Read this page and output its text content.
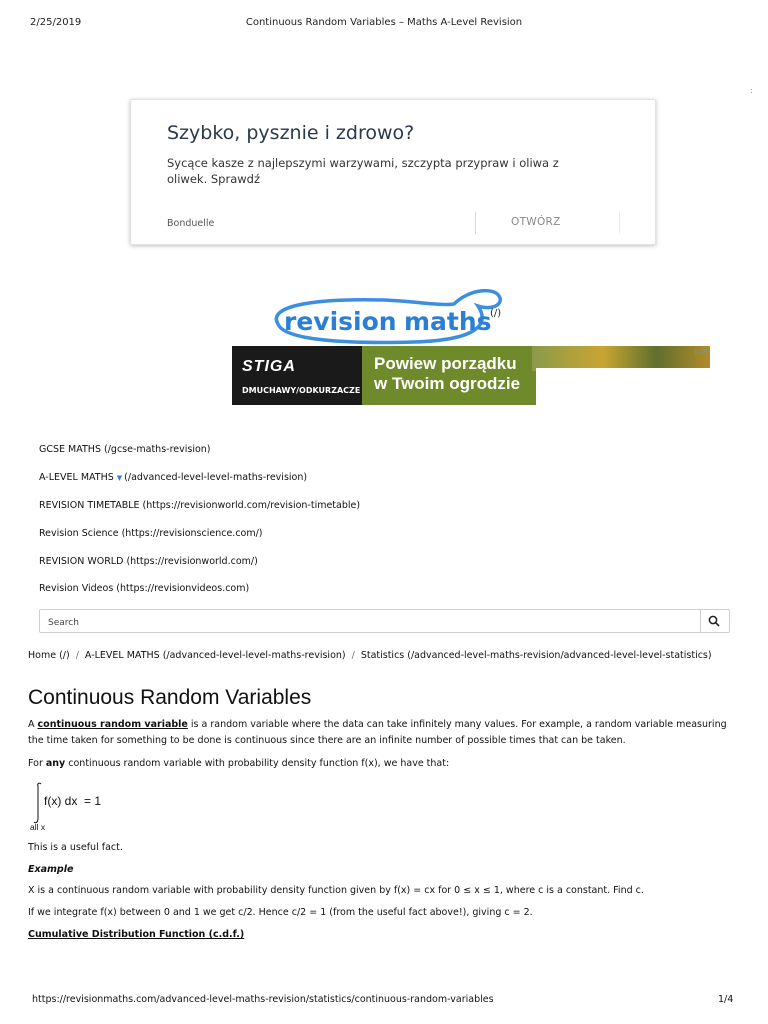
2/25/2019	Continuous Random Variables – Maths A-Level Revision
:
Szybko, pysznie i zdrowo?
Sycące kasze z najlepszymi warzywami, szczypta przypraw i oliwa z oliwek. Sprawdź
Bonduelle	OTWÓRZ
revision maths
(/)
STIGA
DMUCHAWY/ODKURZACZE
Powiew porządku
w Twoim ogrodzie
▷✕
GCSE MATHS (/gcse-maths-revision)
A-LEVEL MATHS ▼ (/advanced-level-level-maths-revision)
REVISION TIMETABLE (https://revisionworld.com/revision-timetable)
Revision Science (https://revisionscience.com/)
REVISION WORLD (https://revisionworld.com/)
Revision Videos (https://revisionvideos.com)
Search
Home (/) / A-LEVEL MATHS (/advanced-level-level-maths-revision) / Statistics (/advanced-level-maths-revision/advanced-level-level-statistics)
Continuous Random Variables
A continuous random variable is a random variable where the data can take infinitely many values. For example, a random variable measuring the time taken for something to be done is continuous since there are an infinite number of possible times that can be taken.
For any continuous random variable with probability density function f(x), we have that:
f(x) dx  = 1
all x
This is a useful fact.
Example
X is a continuous random variable with probability density function given by f(x) = cx for 0 ≤ x ≤ 1, where c is a constant. Find c.
If we integrate f(x) between 0 and 1 we get c/2. Hence c/2 = 1 (from the useful fact above!), giving c = 2.
Cumulative Distribution Function (c.d.f.)
https://revisionmaths.com/advanced-level-maths-revision/statistics/continuous-random-variables	1/4
